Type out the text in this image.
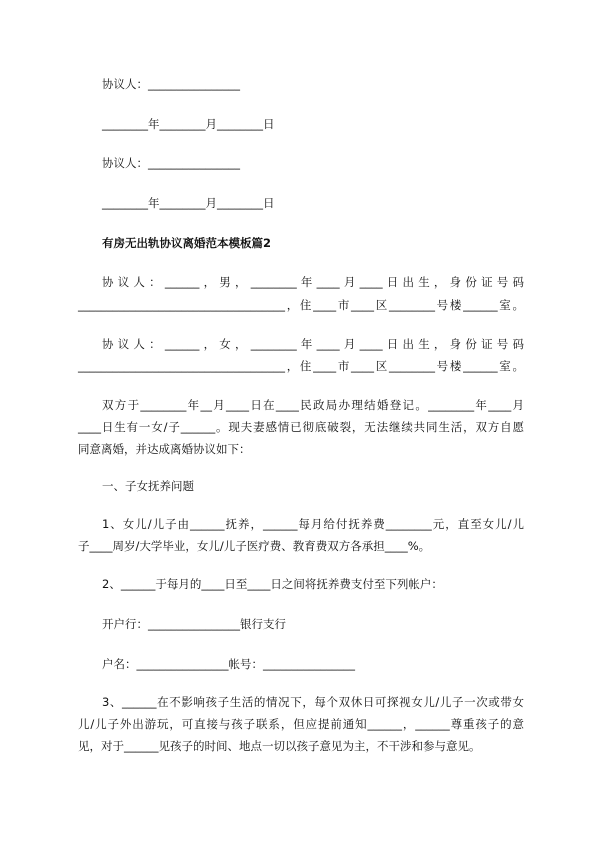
协议人：________________

________年________月________日

协议人：________________

________年________月________日

有房无出轨协议离婚范本模板篇2

协议人：______，男，________年____月____日出生，身份证号码

____________________________________，住____市____区________号楼______室。

协议人：______，女，________年____月____日出生，身份证号码

____________________________________，住____市____区________号楼______室。

双方于________年__月____日在____民政局办理结婚登记。________年____月

____日生有一女/子______。现夫妻感情已彻底破裂，无法继续共同生活，双方自愿

同意离婚，并达成离婚协议如下：

一、子女抚养问题

1、女儿/儿子由______抚养，______每月给付抚养费________元，直至女儿/儿

子____周岁/大学毕业，女儿/儿子医疗费、教育费双方各承担____%。

2、______于每月的____日至____日之间将抚养费支付至下列帐户：

开户行：________________银行支行

户名：________________帐号：________________

3、______在不影响孩子生活的情况下，每个双休日可探视女儿/儿子一次或带女

儿/儿子外出游玩，可直接与孩子联系，但应提前通知______，______尊重孩子的意

见，对于______见孩子的时间、地点一切以孩子意见为主，不干涉和参与意见。
